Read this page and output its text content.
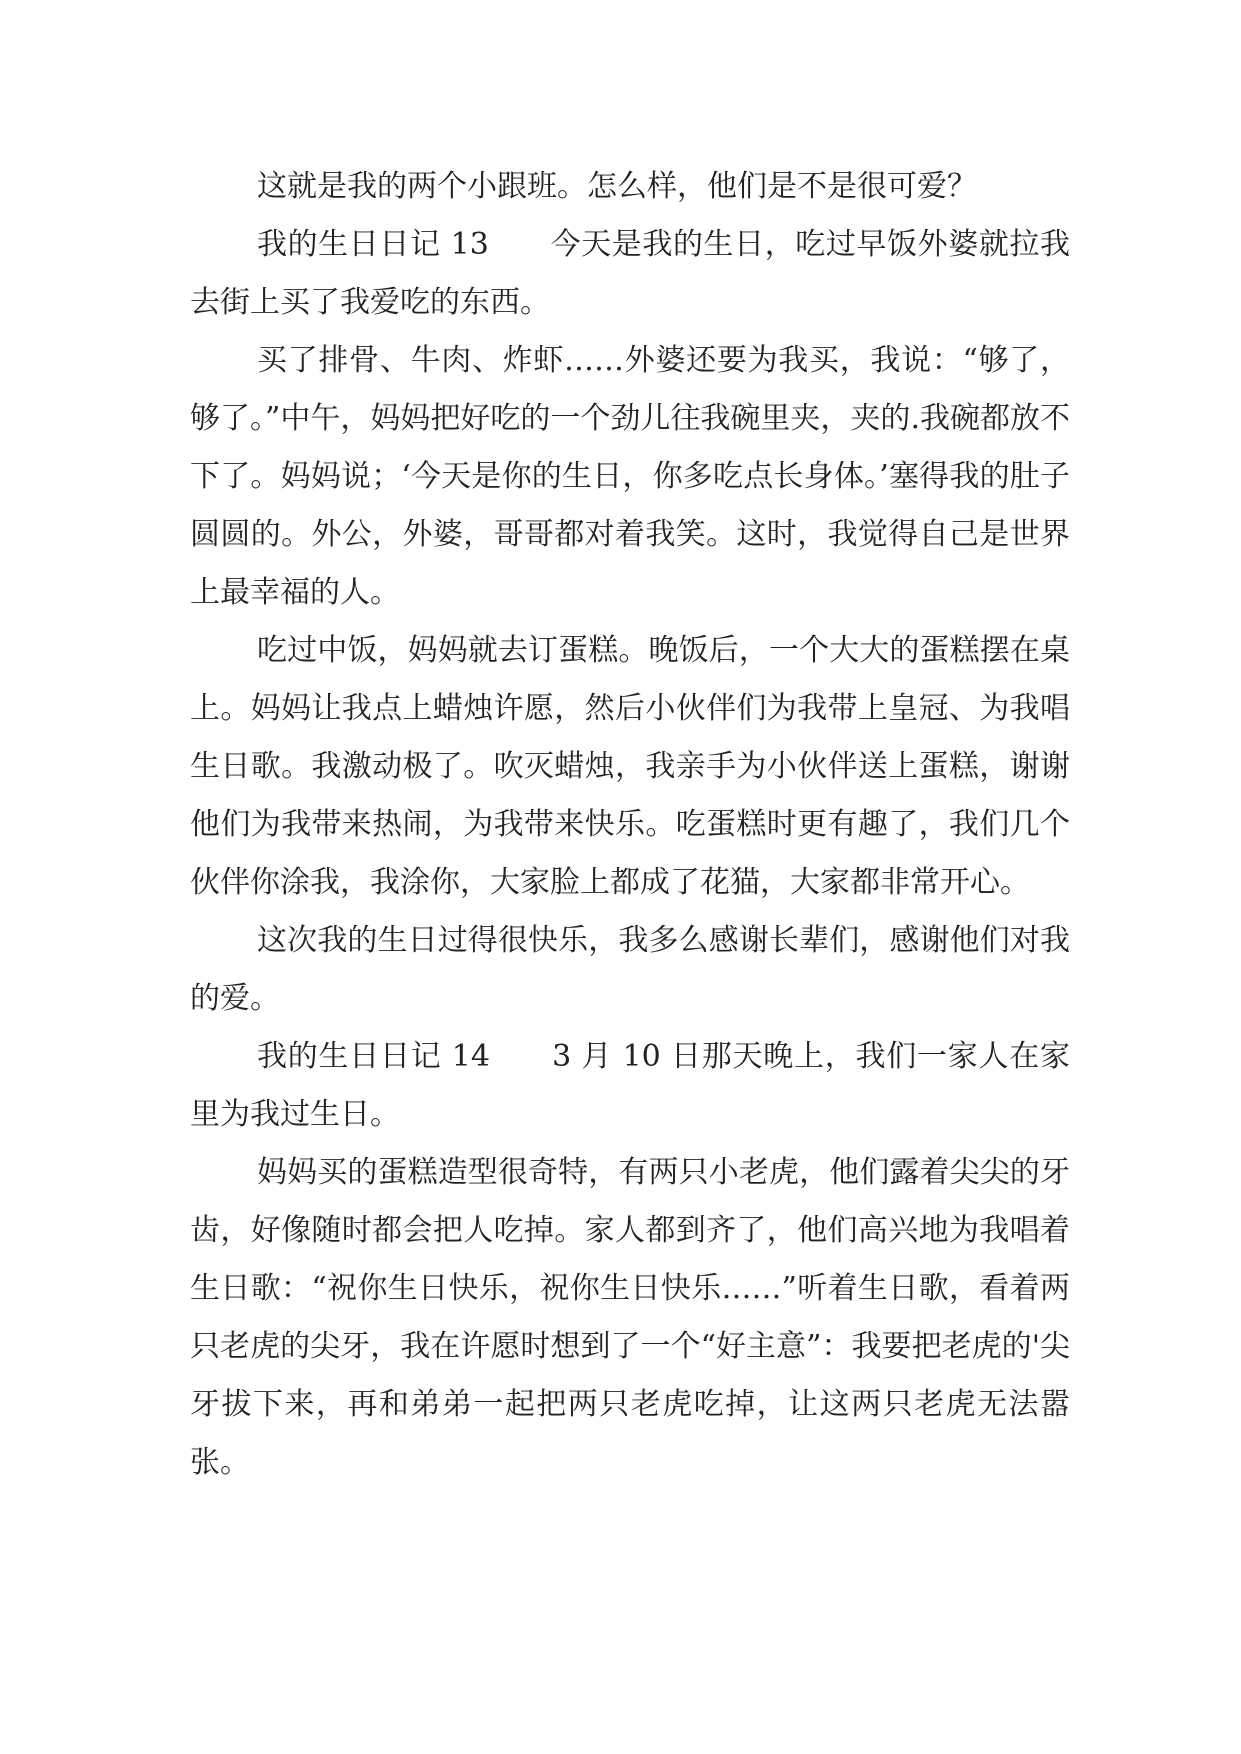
这就是我的两个小跟班。怎么样，他们是不是很可爱？

我的生日日记 13　　今天是我的生日，吃过早饭外婆就拉我去街上买了我爱吃的东西。

买了排骨、牛肉、炸虾……外婆还要为我买，我说：“够了，够了。”中午，妈妈把好吃的一个劲儿往我碗里夹，夹的.我碗都放不下了。妈妈说；‘今天是你的生日，你多吃点长身体。’塞得我的肚子圆圆的。外公，外婆，哥哥都对着我笑。这时，我觉得自己是世界上最幸福的人。

吃过中饭，妈妈就去订蛋糕。晚饭后，一个大大的蛋糕摆在桌上。妈妈让我点上蜡烛许愿，然后小伙伴们为我带上皇冠、为我唱生日歌。我激动极了。吹灭蜡烛，我亲手为小伙伴送上蛋糕，谢谢他们为我带来热闹，为我带来快乐。吃蛋糕时更有趣了，我们几个伙伴你涂我，我涂你，大家脸上都成了花猫，大家都非常开心。

这次我的生日过得很快乐，我多么感谢长辈们，感谢他们对我的爱。

我的生日日记 14　　3 月 10 日那天晚上，我们一家人在家里为我过生日。

妈妈买的蛋糕造型很奇特，有两只小老虎，他们露着尖尖的牙齿，好像随时都会把人吃掉。家人都到齐了，他们高兴地为我唱着生日歌：“祝你生日快乐，祝你生日快乐……”听着生日歌，看着两只老虎的尖牙，我在许愿时想到了一个“好主意”：我要把老虎的'尖牙拔下来，再和弟弟一起把两只老虎吃掉，让这两只老虎无法嚣张。
